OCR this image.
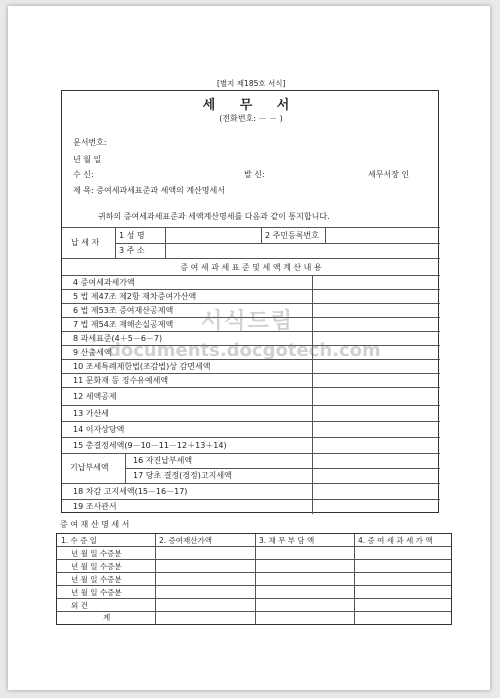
[별지 제185호 서식]
세 무 서
(전화번호: － － )
문서번호:
년 월 일
수 신:	발 신:	세무서장 인
제 목: 증여세과세표준과 세액의 계산명세서
귀하의 증여세과세표준과 세액계산명세를 다음과 같이 통지합니다.
납 세 자
1 성 명	2 주민등록번호
3 주 소
증 여 세 과 세 표 준 및 세 액 계 산 내 용
4 증여세과세가액
5 법 제47조 제2항 재차증여가산액
6 법 제53조 증여재산공제액
7 법 제54조 재해손실공제액
8 과세표준(4＋5－6－7)
9 산출세액
10 조세특례제한법(조감법)상 감면세액
11 문화재 등 징수유예세액
12 세액공제
13 가산세
14 이자상당액
15 총결정세액(9－10－11－12＋13＋14)
기납부세액
16 자진납부세액
17 당초 결정(경정)고지세액
18 차감 고지세액(15－16－17)
19 조사관서
서식드림
documents.docgotech.com
증 여 재 산 명 세 서
1. 수 증 일	2. 증여재산가액	3. 채 무 부 담 액	4. 증 여 세 과 세 가 액
년 월 일 수증분
년 월 일 수증분
년 월 일 수증분
년 월 일 수증분
외 건
계
